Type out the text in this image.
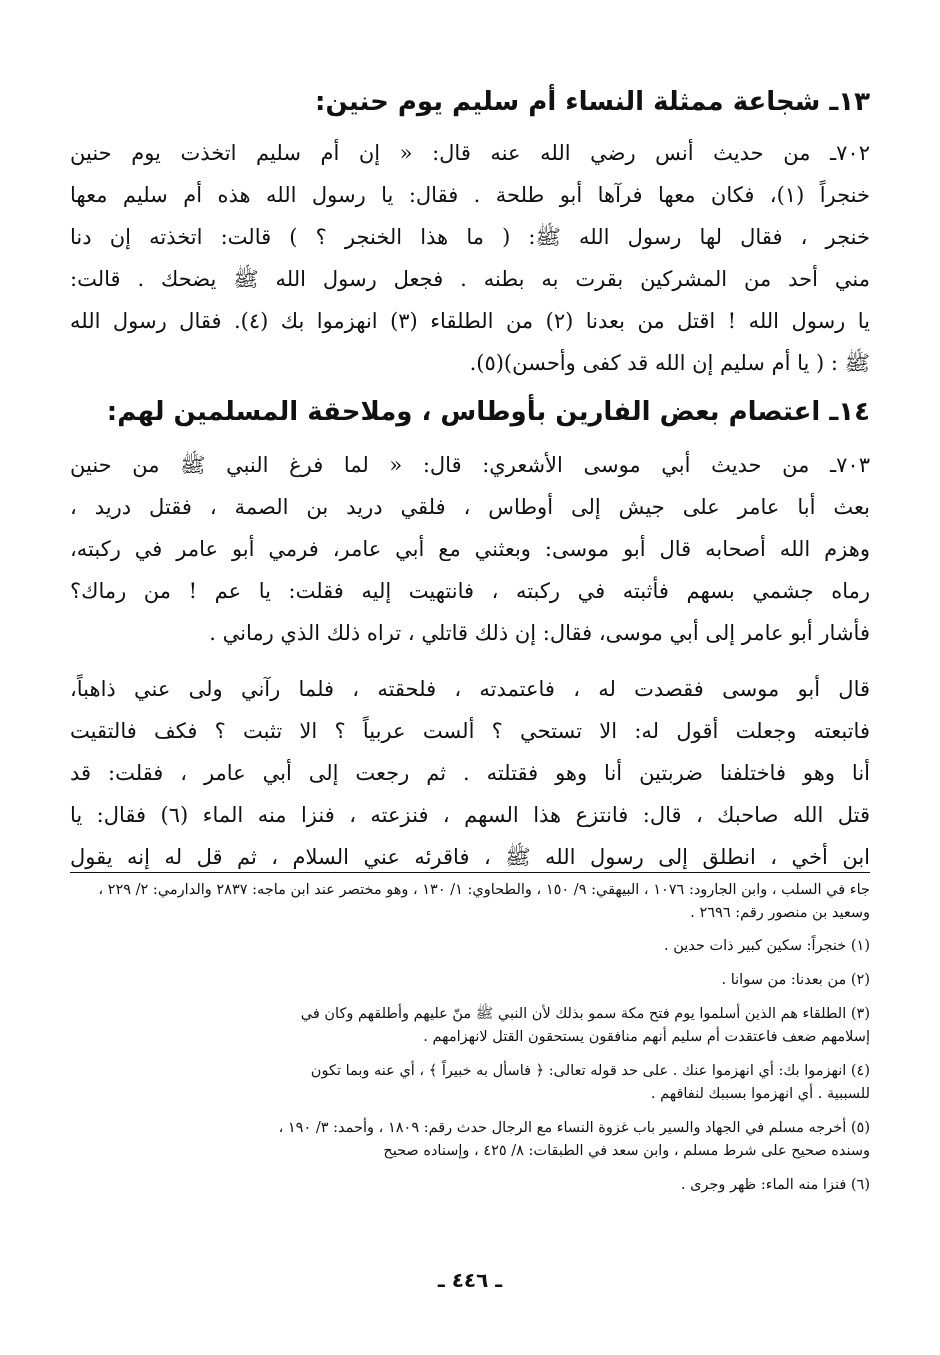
١٣ـ شجاعة ممثلة النساء أم سليم يوم حنين:

٧٠٢ـ من حديث أنس رضي الله عنه قال: « إن أم سليم اتخذت يوم حنين
خنجراً (١)، فكان معها فرآها أبو طلحة . فقال: يا رسول الله هذه أم سليم معها
خنجر ، فقال لها رسول الله ﷺ: ( ما هذا الخنجر ؟ ) قالت: اتخذته إن دنا
مني أحد من المشركين بقرت به بطنه . فجعل رسول الله ﷺ يضحك . قالت:
يا رسول الله ! اقتل من بعدنا (٢) من الطلقاء (٣) انهزموا بك (٤). فقال رسول الله
ﷺ : ( يا أم سليم إن الله قد كفى وأحسن)(٥).

١٤ـ اعتصام بعض الفارين بأوطاس ، وملاحقة المسلمين لهم:

٧٠٣ـ من حديث أبي موسى الأشعري: قال: « لما فرغ النبي ﷺ من حنين
بعث أبا عامر على جيش إلى أوطاس ، فلقي دريد بن الصمة ، فقتل دريد ،
وهزم الله أصحابه قال أبو موسى: وبعثني مع أبي عامر، فرمي أبو عامر في ركبته،
رماه جشمي بسهم فأثبته في ركبته ، فانتهيت إليه فقلت: يا عم ! من رماك؟
فأشار أبو عامر إلى أبي موسى، فقال: إن ذلك قاتلي ، تراه ذلك الذي رماني .

قال أبو موسى فقصدت له ، فاعتمدته ، فلحقته ، فلما رآني ولى عني ذاهباً،
فاتبعته وجعلت أقول له: الا تستحي ؟ ألست عربياً ؟ الا تثبت ؟ فكف فالتقيت
أنا وهو فاختلفنا ضربتين أنا وهو فقتلته . ثم رجعت إلى أبي عامر ، فقلت: قد
قتل الله صاحبك ، قال: فانتزع هذا السهم ، فنزعته ، فنزا منه الماء (٦) فقال: يا
ابن أخي ، انطلق إلى رسول الله ﷺ ، فاقرئه عني السلام ، ثم قل له إنه يقول

جاء في السلب ، وابن الجارود: ١٠٧٦ ، البيهقي: ٩/ ١٥٠ ، والطحاوي: ١/ ١٣٠ ، وهو مختصر عند ابن ماجه: ٢٨٣٧ والدارمي: ٢/ ٢٢٩ ، وسعيد بن منصور رقم: ٢٦٩٦ .

(١) خنجراً: سكين كبير ذات حدين .

(٢) من بعدنا: من سوانا .

(٣) الطلقاء هم الذين أسلموا يوم فتح مكة سمو بذلك لأن النبي ﷺ منّ عليهم وأطلقهم وكان في
إسلامهم ضعف فاعتقدت أم سليم أنهم منافقون يستحقون القتل لانهزامهم .

(٤) انهزموا بك: أي انهزموا عنك . على حد قوله تعالى: ﴿ فاسأل به خبيراً ﴾ ، أي عنه وبما تكون
للسببية . أي انهزموا بسببك لنفاقهم .

(٥) أخرجه مسلم في الجهاد والسير باب غزوة النساء مع الرجال حدث رقم: ١٨٠٩ ، وأحمد: ٣/ ١٩٠ ،
وسنده صحيح على شرط مسلم ، وابن سعد في الطبقات: ٨/ ٤٢٥ ، وإسناده صحيح

(٦) فنزا منه الماء: ظهر وجرى .

ـ ٤٤٦ ـ
